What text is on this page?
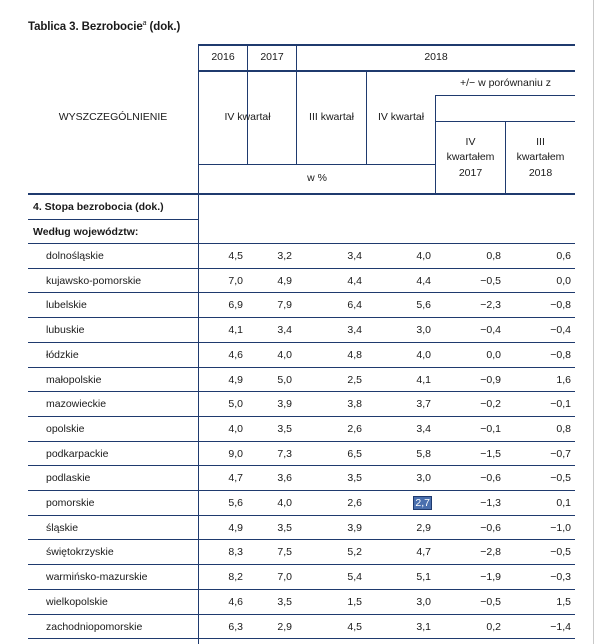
Tablica 3. Bezrobocie$^a$ (dok.)
2016 2017	2018
WYSZCZEGÓLNIENIE	IV kwartał	III kwartał IV kwartał
+/− w porównaniu z
IV
kwartałem
2017
III
kwartałem
2018
w %
4. Stopa bezrobocia (dok.)
Według województw:
dolnośląskie	4,5	3,2	3,4	4,0	0,8	0,6
kujawsko-pomorskie	7,0	4,9	4,4	4,4	−0,5	0,0
lubelskie	6,9	7,9	6,4	5,6	−2,3	−0,8
lubuskie	4,1	3,4	3,4	3,0	−0,4	−0,4
łódzkie	4,6	4,0	4,8	4,0	0,0	−0,8
małopolskie	4,9	5,0	2,5	4,1	−0,9	1,6
mazowieckie	5,0	3,9	3,8	3,7	−0,2	−0,1
opolskie	4,0	3,5	2,6	3,4	−0,1	0,8
podkarpackie	9,0	7,3	6,5	5,8	−1,5	−0,7
podlaskie	4,7	3,6	3,5	3,0	−0,6	−0,5
pomorskie	5,6	4,0	2,6	2,7	−1,3	0,1
śląskie	4,9	3,5	3,9	2,9	−0,6	−1,0
świętokrzyskie	8,3	7,5	5,2	4,7	−2,8	−0,5
warmińsko-mazurskie	8,2	7,0	5,4	5,1	−1,9	−0,3
wielkopolskie	4,6	3,5	1,5	3,0	−0,5	1,5
zachodniopomorskie	6,3	2,9	4,5	3,1	0,2	−1,4
